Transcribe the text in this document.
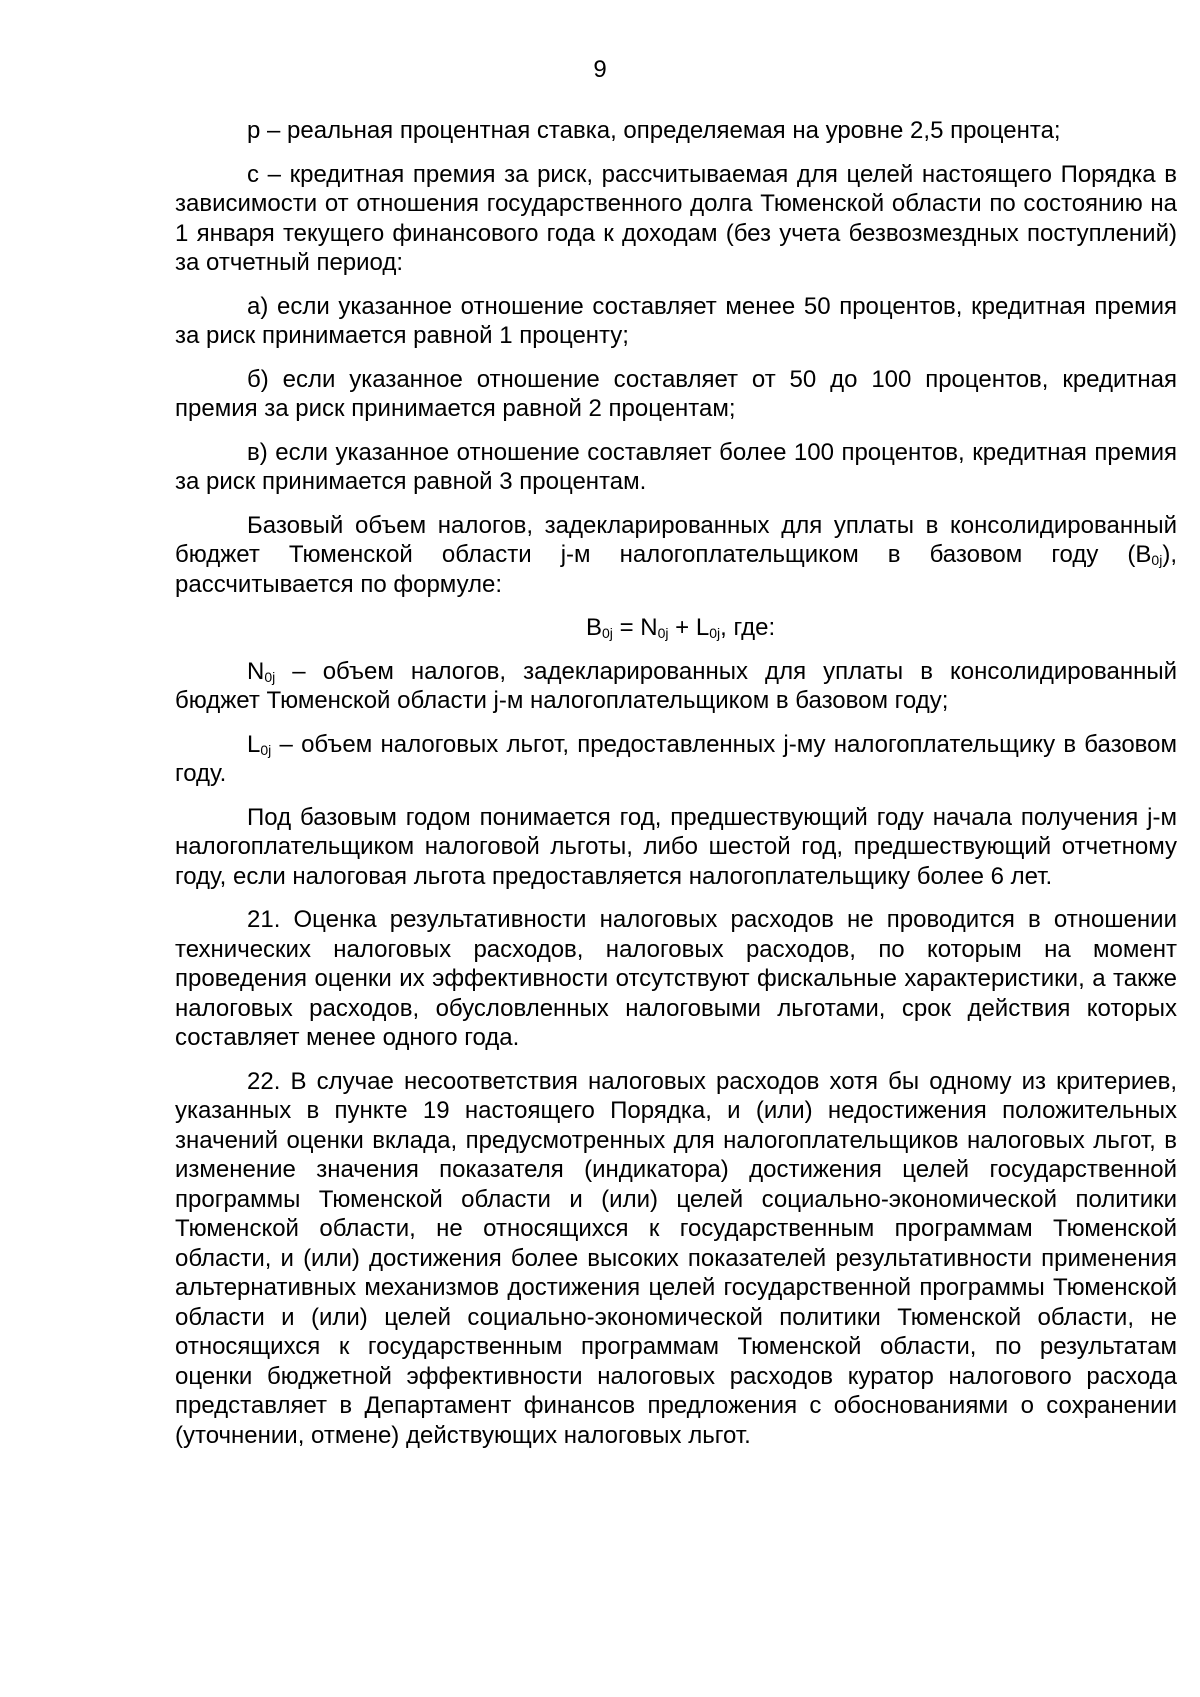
9

р – реальная процентная ставка, определяемая на уровне 2,5 процента;

с – кредитная премия за риск, рассчитываемая для целей настоящего Порядка в зависимости от отношения государственного долга Тюменской области по состоянию на 1 января текущего финансового года к доходам (без учета безвозмездных поступлений) за отчетный период:

а) если указанное отношение составляет менее 50 процентов, кредитная премия за риск принимается равной 1 проценту;

б) если указанное отношение составляет от 50 до 100 процентов, кредитная премия за риск принимается равной 2 процентам;

в) если указанное отношение составляет более 100 процентов, кредитная премия за риск принимается равной 3 процентам.

Базовый объем налогов, задекларированных для уплаты в консолидированный бюджет Тюменской области j-м налогоплательщиком в базовом году $(B_{0j})$, рассчитывается по формуле:

$B_{0j} = N_{0j} + L_{0j}$, где:

$N_{0j}$ – объем налогов, задекларированных для уплаты в консолидированный бюджет Тюменской области j-м налогоплательщиком в базовом году;

$L_{0j}$ – объем налоговых льгот, предоставленных j-му налогоплательщику в базовом году.

Под базовым годом понимается год, предшествующий году начала получения j-м налогоплательщиком налоговой льготы, либо шестой год, предшествующий отчетному году, если налоговая льгота предоставляется налогоплательщику более 6 лет.

21. Оценка результативности налоговых расходов не проводится в отношении технических налоговых расходов, налоговых расходов, по которым на момент проведения оценки их эффективности отсутствуют фискальные характеристики, а также налоговых расходов, обусловленных налоговыми льготами, срок действия которых составляет менее одного года.

22. В случае несоответствия налоговых расходов хотя бы одному из критериев, указанных в пункте 19 настоящего Порядка, и (или) недостижения положительных значений оценки вклада, предусмотренных для налогоплательщиков налоговых льгот, в изменение значения показателя (индикатора) достижения целей государственной программы Тюменской области и (или) целей социально-экономической политики Тюменской области, не относящихся к государственным программам Тюменской области, и (или) достижения более высоких показателей результативности применения альтернативных механизмов достижения целей государственной программы Тюменской области и (или) целей социально-экономической политики Тюменской области, не относящихся к государственным программам Тюменской области, по результатам оценки бюджетной эффективности налоговых расходов куратор налогового расхода представляет в Департамент финансов предложения с обоснованиями о сохранении (уточнении, отмене) действующих налоговых льгот.
